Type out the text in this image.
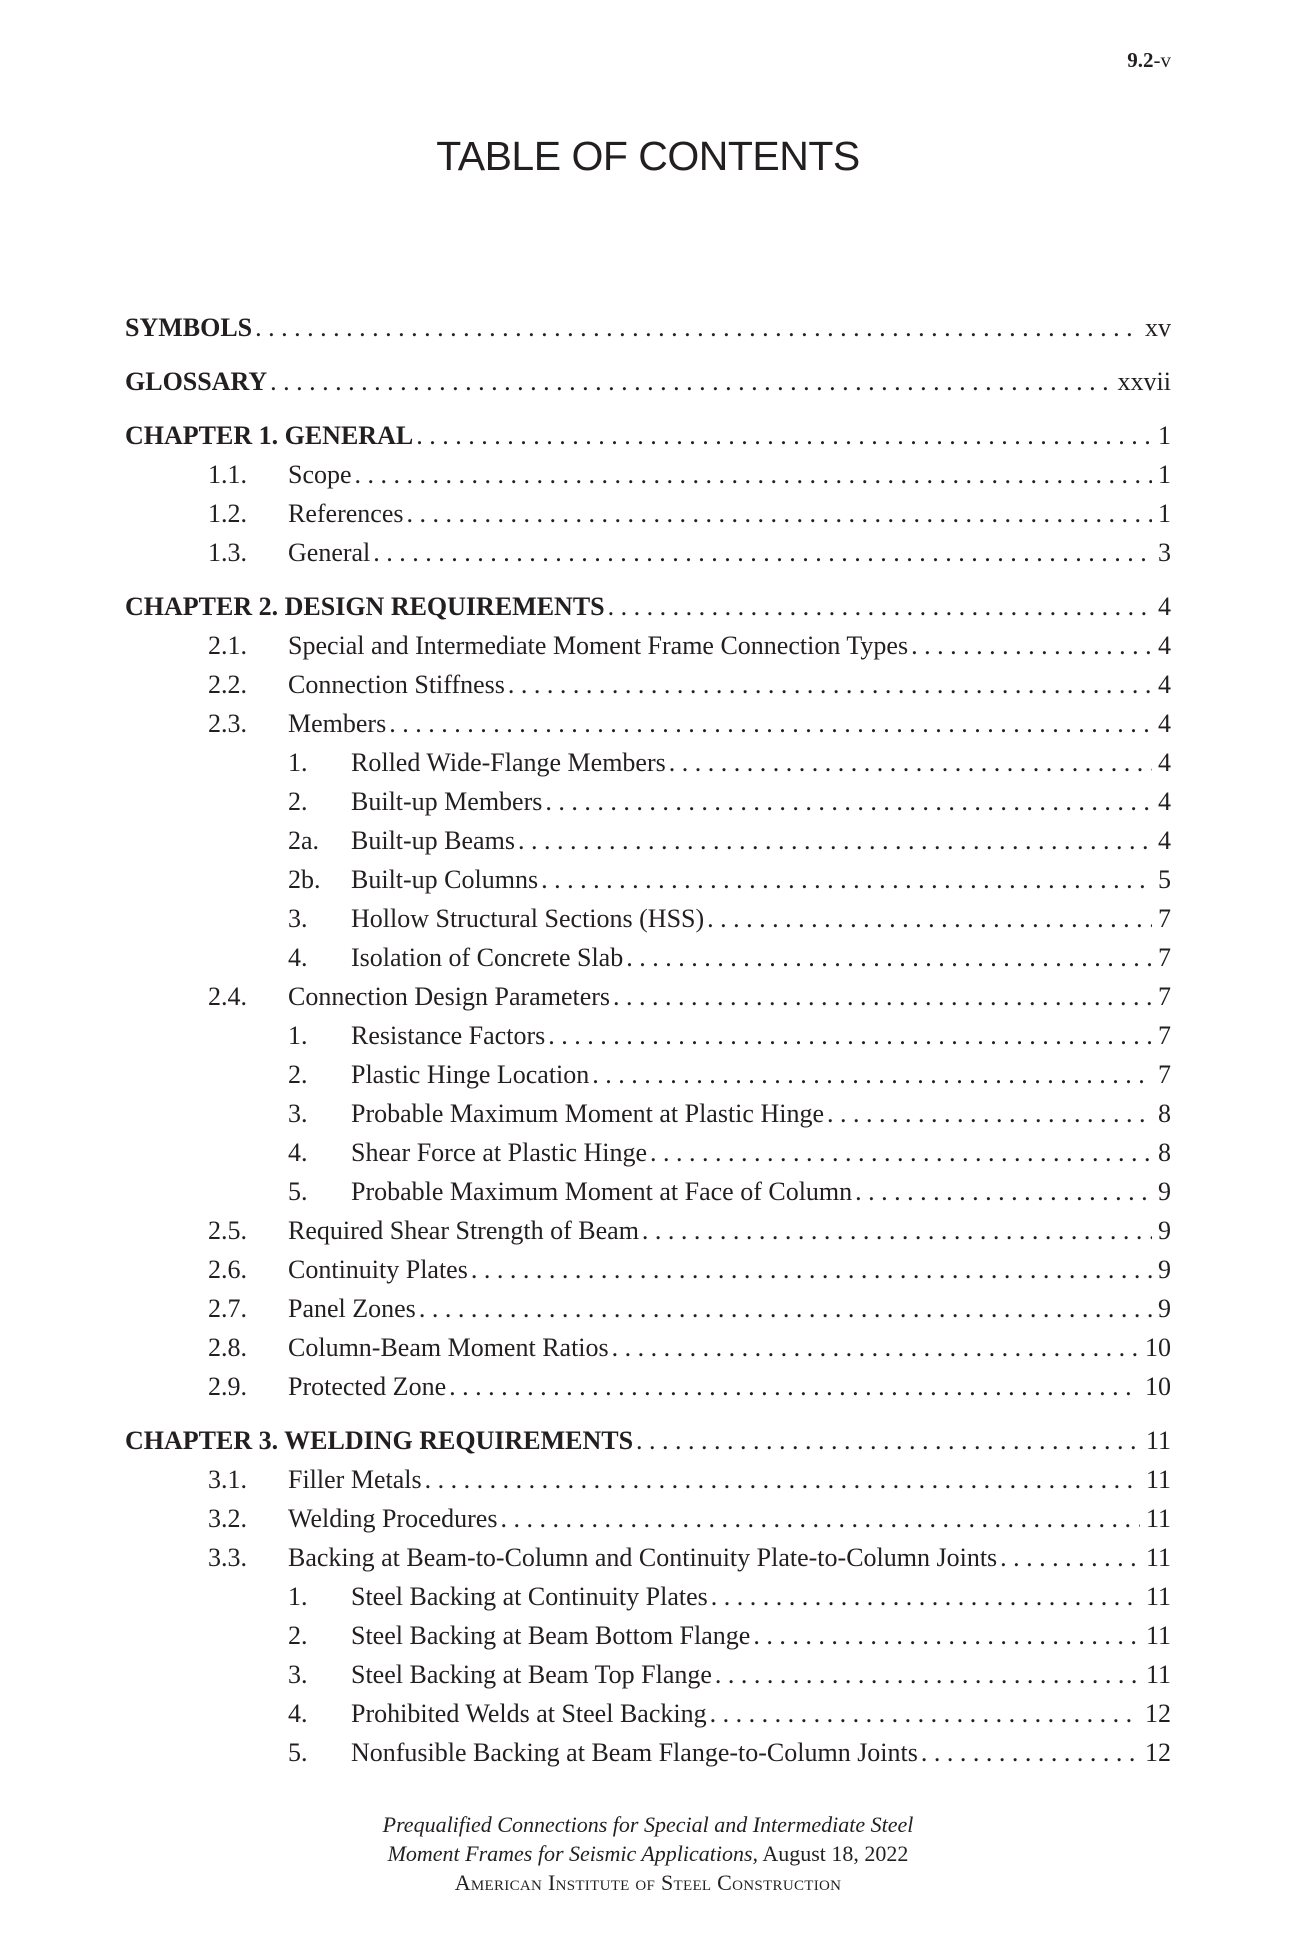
9.2-v
TABLE OF CONTENTS
SYMBOLS . . .	xv
GLOSSARY . . .	xxvii
CHAPTER 1. GENERAL . . .	1
1.1.	Scope . . .	1
1.2.	References . . .	1
1.3.	General . . .	3
CHAPTER 2. DESIGN REQUIREMENTS . . .	4
2.1.	Special and Intermediate Moment Frame Connection Types . . .	4
2.2.	Connection Stiffness . . .	4
2.3.	Members . . .	4
1.	Rolled Wide-Flange Members . . .	4
2.	Built-up Members . . .	4
2a.	Built-up Beams . . .	4
2b.	Built-up Columns . . .	5
3.	Hollow Structural Sections (HSS) . . .	7
4.	Isolation of Concrete Slab . . .	7
2.4.	Connection Design Parameters . . .	7
1.	Resistance Factors . . .	7
2.	Plastic Hinge Location . . .	7
3.	Probable Maximum Moment at Plastic Hinge . . .	8
4.	Shear Force at Plastic Hinge . . .	8
5.	Probable Maximum Moment at Face of Column . . .	9
2.5.	Required Shear Strength of Beam . . .	9
2.6.	Continuity Plates . . .	9
2.7.	Panel Zones . . .	9
2.8.	Column-Beam Moment Ratios . . .	10
2.9.	Protected Zone . . .	10
CHAPTER 3. WELDING REQUIREMENTS . . .	11
3.1.	Filler Metals . . .	11
3.2.	Welding Procedures . . .	11
3.3.	Backing at Beam-to-Column and Continuity Plate-to-Column Joints . . .	11
1.	Steel Backing at Continuity Plates . . .	11
2.	Steel Backing at Beam Bottom Flange . . .	11
3.	Steel Backing at Beam Top Flange . . .	11
4.	Prohibited Welds at Steel Backing . . .	12
5.	Nonfusible Backing at Beam Flange-to-Column Joints . . .	12
Prequalified Connections for Special and Intermediate Steel
Moment Frames for Seismic Applications, August 18, 2022
American Institute of Steel Construction
